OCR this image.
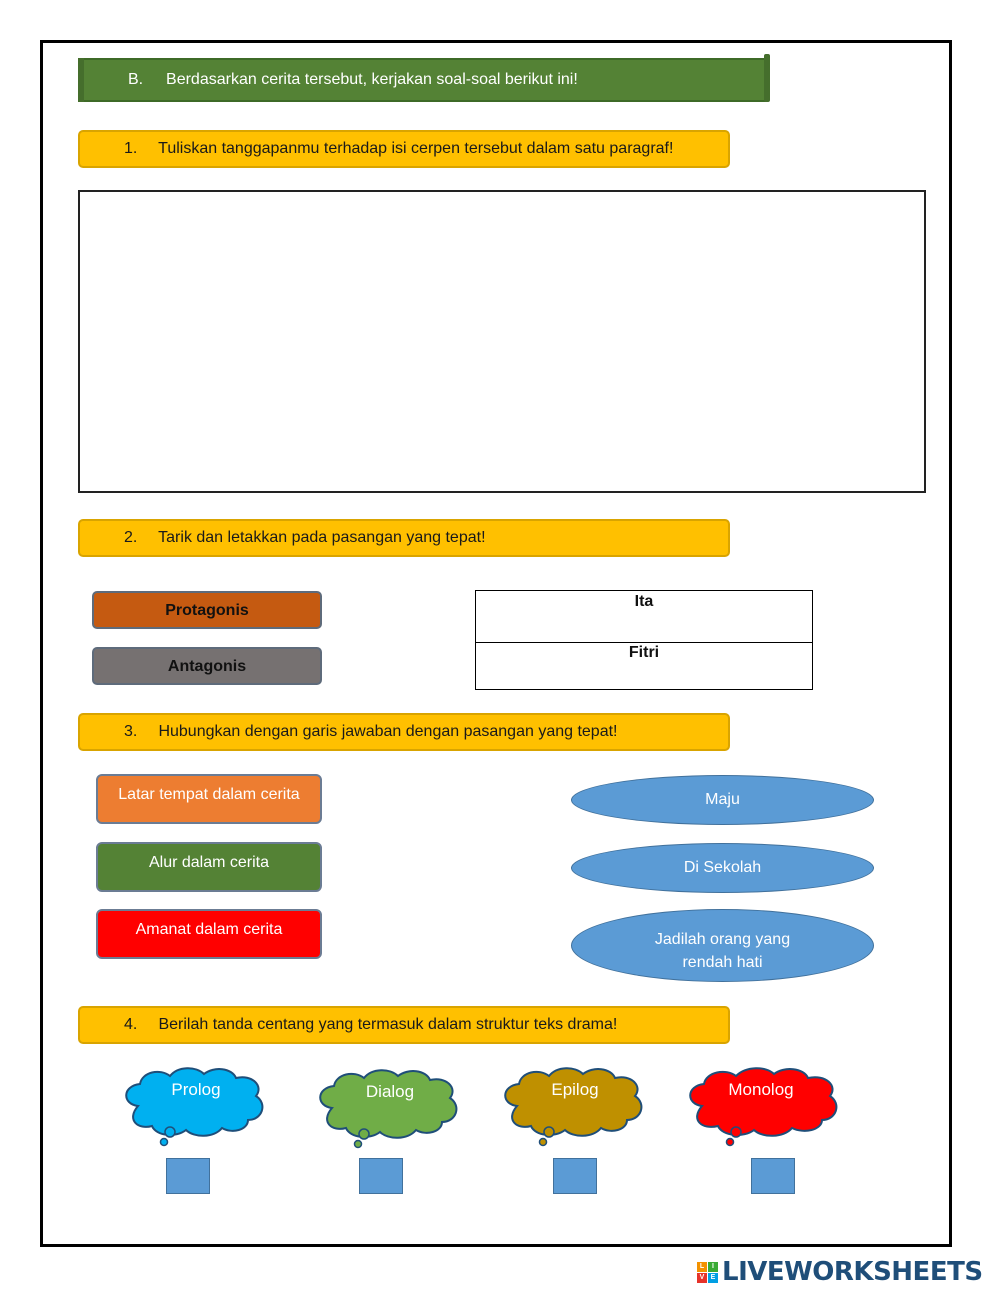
B. Berdasarkan cerita tersebut, kerjakan soal-soal berikut ini!
1. Tuliskan tanggapanmu terhadap isi cerpen tersebut dalam satu paragraf!
2. Tarik dan letakkan pada pasangan yang tepat!
Protagonis
Antagonis
Ita
Fitri
3. Hubungkan dengan garis jawaban dengan pasangan yang tepat!
Latar tempat dalam cerita
Alur dalam cerita
Amanat dalam cerita
Maju
Di Sekolah
Jadilah orang yang
rendah hati
4. Berilah tanda centang yang termasuk dalam struktur teks drama!
Prolog	Dialog	Epilog	Monolog
L	I
V E LIVEWORKSHEETS
